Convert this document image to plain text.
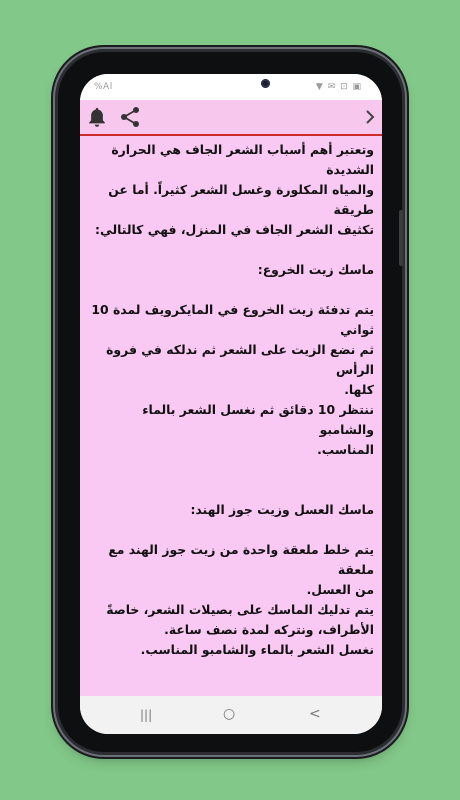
%Al	▼ ✉ ⊡ ▣
وتعتبر أهم أسباب الشعر الجاف هي الحرارة الشديدة
والمياه المكلورة وغسل الشعر كثيراً. أما عن طريقة
تكثيف الشعر الجاف في المنزل، فهي كالتالي:

ماسك زيت الخروع:

يتم تدفئة زيت الخروع في المايكرويف لمدة 10 ثواني
ثم نضع الزيت على الشعر ثم ندلكه في فروة الرأس
كلها.
ننتظر 10 دقائق ثم نغسل الشعر بالماء والشامبو
المناسب.

ماسك العسل وزيت جوز الهند:

يتم خلط ملعقة واحدة من زيت جوز الهند مع ملعقة
من العسل.
يتم تدليك الماسك على بصيلات الشعر، خاصةً
الأطراف، ونتركه لمدة نصف ساعة.
نغسل الشعر بالماء والشامبو المناسب.

|||	○	<
